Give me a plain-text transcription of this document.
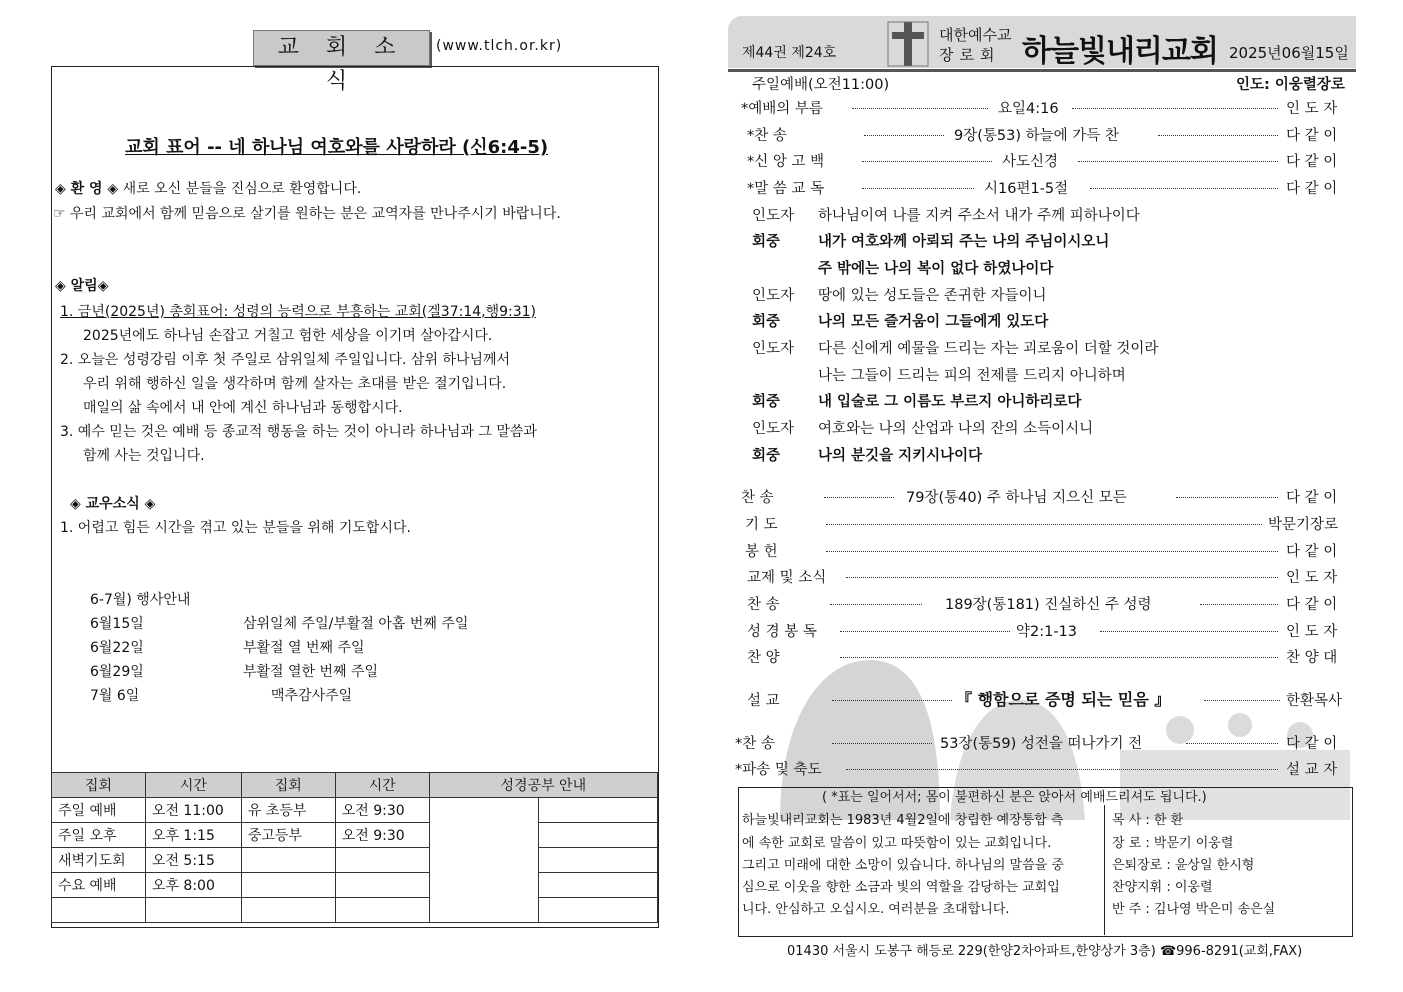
교 회 소 식
(www.tlch.or.kr)
교회 표어 -- 네 하나님 여호와를 사랑하라 (신6:4-5)
◈ 환 영 ◈ 새로 오신 분들을 진심으로 환영합니다.
☞ 우리 교회에서 함께 믿음으로 살기를 원하는 분은 교역자를 만나주시기 바랍니다.
◈ 알림◈
1. 금년(2025년) 총회표어: 성령의 능력으로 부흥하는 교회(겔37:14,행9:31)
2025년에도 하나님 손잡고 거칠고 험한 세상을 이기며 살아갑시다.
2. 오늘은 성령강림 이후 첫 주일로 삼위일체 주일입니다. 삼위 하나님께서
우리 위해 행하신 일을 생각하며 함께 살자는 초대를 받은 절기입니다.
매일의 삶 속에서 내 안에 계신 하나님과 동행합시다.
3. 예수 믿는 것은 예배 등 종교적 행동을 하는 것이 아니라 하나님과 그 말씀과
함께 사는 것입니다.
◈ 교우소식 ◈
1. 어렵고 힘든 시간을 겪고 있는 분들을 위해 기도합시다.
6-7월) 행사안내
6월15일	삼위일체 주일/부활절 아홉 번째 주일
6월22일	부활절 열 번째 주일
6월29일	부활절 열한 번째 주일
7월 6일	맥추감사주일
집회	시간	집회	시간	성경공부 안내	
주일 예배	오전 11:00	유 초등부	오전 9:30		
주일 오후	오후 1:15	중고등부	오전 9:30		
새벽기도회	오전 5:15				
수요 예배	오후 8:00				

제44권 제24호
대한예수교
장로회 하늘빛내리교회 2025년06월15일
주일예배(오전11:00)	인도: 이웅렬장로
*예배의 부름	요일4:16	인 도 자
*찬 송	9장(통53) 하늘에 가득 찬	다 같 이
*신 앙 고 백	사도신경	다 같 이
*말 씀 교 독	시16편1-5절	다 같 이
인도자 하나님이여 나를 지켜 주소서 내가 주께 피하나이다
회중	내가 여호와께 아뢰되 주는 나의 주님이시오니
주 밖에는 나의 복이 없다 하였나이다
인도자 땅에 있는 성도들은 존귀한 자들이니
회중	나의 모든 즐거움이 그들에게 있도다
인도자 다른 신에게 예물을 드리는 자는 괴로움이 더할 것이라
나는 그들이 드리는 피의 전제를 드리지 아니하며
회중	내 입술로 그 이름도 부르지 아니하리로다
인도자 여호와는 나의 산업과 나의 잔의 소득이시니
회중	나의 분깃을 지키시나이다
찬 송	79장(통40) 주 하나님 지으신 모든	다 같 이
기 도	박문기장로
봉 헌	다 같 이
교제 및 소식	인 도 자
찬 송	189장(통181) 진실하신 주 성령	다 같 이
성 경 봉 독	약2:1-13	인 도 자
찬 양	찬 양 대
설 교	『 행함으로 증명 되는 믿음 』	한환목사
*찬 송	53장(통59) 성전을 떠나가기 전	다 같 이
*파송 및 축도	설 교 자
( *표는 일어서서; 몸이 불편하신 분은 앉아서 예배드리셔도 됩니다.)
하늘빛내리교회는 1983년 4월2일에 창립한 예장통합 측
에 속한 교회로 말씀이 있고 따뜻함이 있는 교회입니다.
그리고 미래에 대한 소망이 있습니다. 하나님의 말씀을 중
심으로 이웃을 향한 소금과 빛의 역할을 감당하는 교회입
니다. 안심하고 오십시오. 여러분을 초대합니다.
목 사 : 한 환
장 로 : 박문기 이웅렬
은퇴장로 : 윤상일 한시형
찬양지휘 : 이웅렬
반 주 : 김나영 박은미 송은실
01430 서울시 도봉구 해등로 229(한양2차아파트,한양상가 3층) ☎996-8291(교회,FAX)
